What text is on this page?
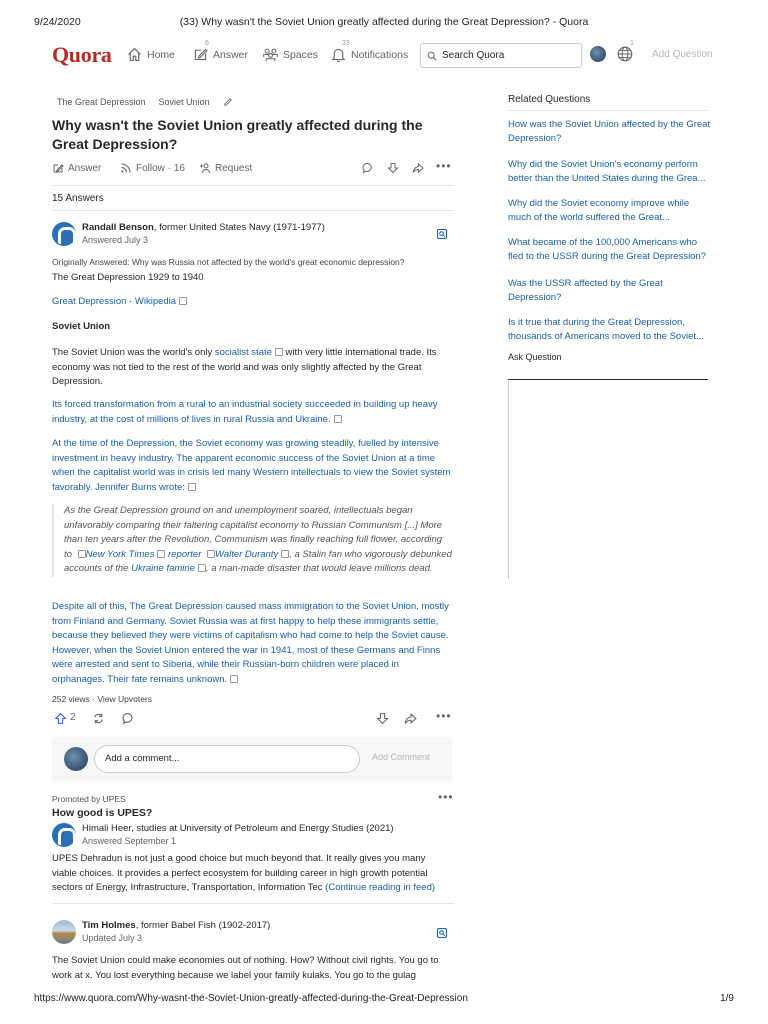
9/24/2020	(33) Why wasn't the Soviet Union greatly affected during the Great Depression? - Quora
Quora	Home
6
Answer	Spaces
33
Notifications	Search Quora
1
Add Question
The Great Depression Soviet Union
Why wasn't the Soviet Union greatly affected during the Great Depression?
Answer	Follow · 16	Request	•••
15 Answers
Randall Benson, former United States Navy (1971-1977)
Answered July 3
Originally Answered: Why was Russia not affected by the world's great economic depression?
The Great Depression 1929 to 1940
Great Depression - Wikipedia
Soviet Union
The Soviet Union was the world's only socialist state with very little international trade. Its economy was not tied to the rest of the world and was only slightly affected by the Great Depression.
Its forced transformation from a rural to an industrial society succeeded in building up heavy industry, at the cost of millions of lives in rural Russia and Ukraine.
At the time of the Depression, the Soviet economy was growing steadily, fuelled by intensive investment in heavy industry. The apparent economic success of the Soviet Union at a time when the capitalist world was in crisis led many Western intellectuals to view the Soviet system favorably. Jennifer Burns wrote:
As the Great Depression ground on and unemployment soared, intellectuals began unfavorably comparing their faltering capitalist economy to Russian Communism [...] More than ten years after the Revolution, Communism was finally reaching full flower, according to New York Times reporter Walter Duranty , a Stalin fan who vigorously debunked accounts of the Ukraine famine , a man-made disaster that would leave millions dead.
Despite all of this, The Great Depression caused mass immigration to the Soviet Union, mostly from Finland and Germany. Soviet Russia was at first happy to help these immigrants settle, because they believed they were victims of capitalism who had come to help the Soviet cause. However, when the Soviet Union entered the war in 1941, most of these Germans and Finns were arrested and sent to Siberia, while their Russian-born children were placed in orphanages. Their fate remains unknown.
252 views · View Upvoters
2	•••
Add a comment...	Add Comment
Promoted by UPES	•••
How good is UPES?
Himali Heer, studies at University of Petroleum and Energy Studies (2021)
Answered September 1
UPES Dehradun is not just a good choice but much beyond that. It really gives you many viable choices. It provides a perfect ecosystem for building career in high growth potential sectors of Energy, Infrastructure, Transportation, Information Tec (Continue reading in feed)
Tim Holmes, former Babel Fish (1902-2017)
Updated July 3
The Soviet Union could make economies out of nothing. How? Without civil rights. You go to work at x. You lost everything because we label your family kulaks. You go to the gulag
Related Questions
How was the Soviet Union affected by the Great Depression?
Why did the Soviet Union's economy perform better than the United States during the Grea...
Why did the Soviet economy improve while much of the world suffered the Great...
What became of the 100,000 Americans who fled to the USSR during the Great Depression?
Was the USSR affected by the Great Depression?
Is it true that during the Great Depression, thousands of Americans moved to the Soviet...
Ask Question
https://www.quora.com/Why-wasnt-the-Soviet-Union-greatly-affected-during-the-Great-Depression	1/9
